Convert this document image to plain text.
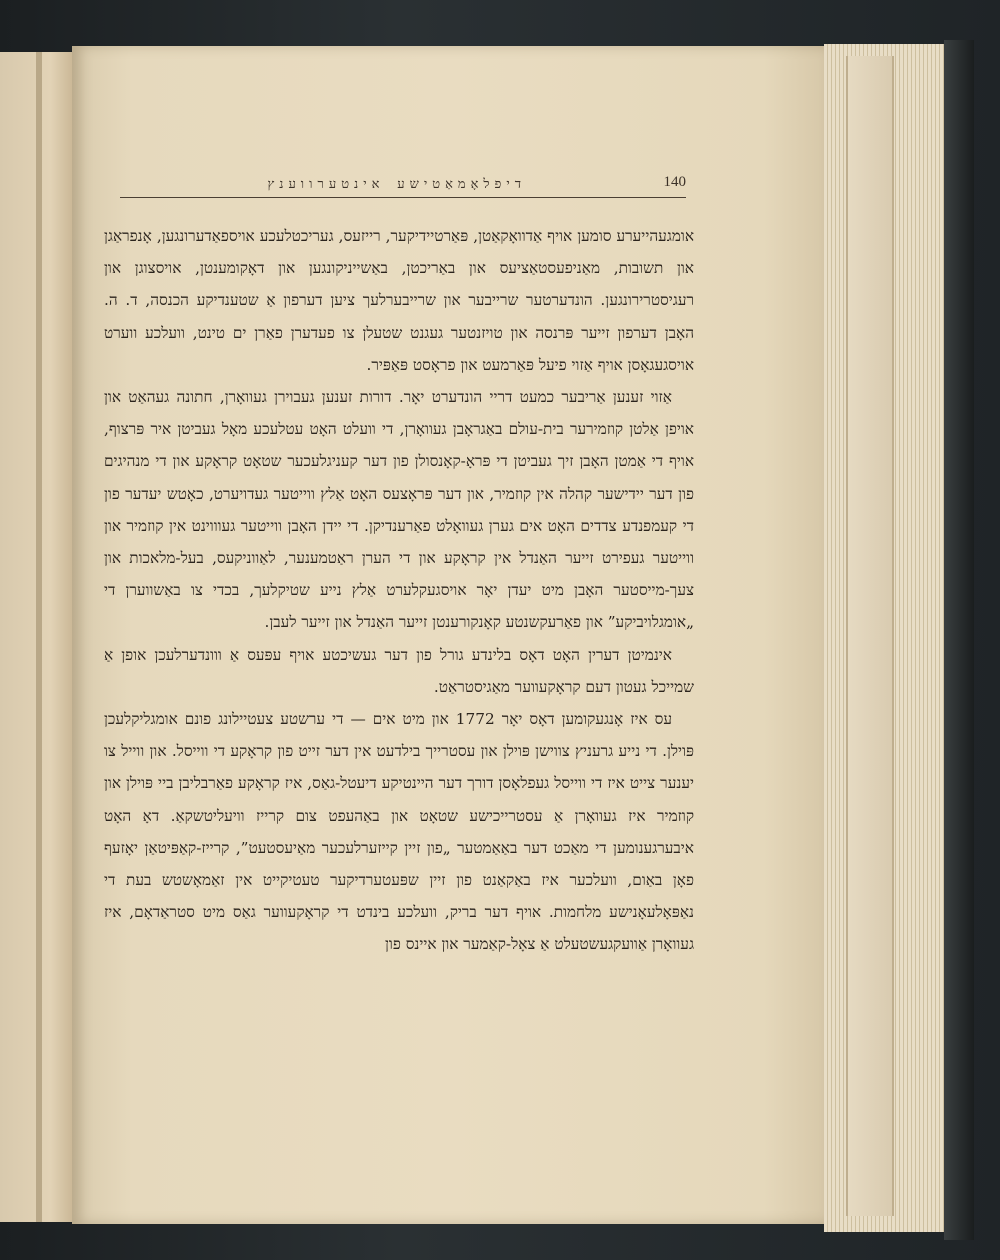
דיפלאָמאַטישע אינטערווענץ	140

אומגעהייערע סומען אויף אַדוואָקאַטן, פּאַרטיידיקער, רייזעס, געריכטלעכע אויספאַדערונגען, אָנפראַגן און תשובות, מאַניפעסטאַציעס און באַריכטן, באַשייניקונגען און דאָקומענטן, אויסצוגן און רעגיסטרירונגען. הונדערטער שרייבער און שרייבערלעך ציען דערפון אַ שטענדיקע הכנסה, ד. ה. האָבן דערפון זייער פּרנסה און טויזנטער געגנט שטעלן צו פעדערן פאַרן ים טינט, וועלכע ווערט אויסגעגאָסן אויף אַזוי פיעל פּאַרמעט און פראָסט פּאַפּיר.

אַזוי זענען אַריבער כמעט דריי הונדערט יאָר. דורות זענען געבוירן געוואָרן, חתונה געהאַט און אויפן אַלטן קוזמירער בית-עולם באַגראָבן געוואָרן, די וועלט האָט עטלעכע מאָל געביטן איר פּרצוף, אויף די אַמטן האָבן זיך געביטן די פּראָ-קאָנסולן פון דער קעניגלעכער שטאָט קראָקע און די מנהיגים פון דער יידישער קהלה אין קוזמיר, און דער פּראָצעס האָט אַלץ ווייטער געדויערט, כאָטש יעדער פון די קעמפנדע צדדים האָט אים גערן געוואָלט פאַרענדיקן. די יידן האָבן ווייטער געוווינט אין קוזמיר און ווייטער געפירט זייער האַנדל אין קראָקע און די הערן ראַטמענער, לאַווניקעס, בעל-מלאכות און צעך-מייסטער האָבן מיט יעדן יאָר אויסגעקלערט אַלץ נייע שטיקלעך, בכדי צו באַשווערן די „אומגלויביקע” און פאַרעקשנטע קאָנקורענטן זייער האַנדל און זייער לעבן.

אינמיטן דערין האָט דאָס בלינדע גורל פון דער געשיכטע אויף עפּעס אַ ווונדערלעכן אופן אַ שמייכל געטון דעם קראָקעווער מאַגיסטראַט.

עס איז אָנגעקומען דאָס יאָר 1772 און מיט אים — די ערשטע צעטיילונג פונם אומגליקלעכן פּוילן. די נייע גרעניץ צווישן פּוילן און עסטרייך בילדעט אין דער זייט פון קראָקע די ווייסל. און ווייל צו יענער צייט איז די ווייסל געפלאָסן דורך דער היינטיקע דיעטל-גאַס, איז קראָקע פאַרבליבן ביי פּוילן און קוזמיר איז געוואָרן אַ עסטרייכישע שטאָט און באַהעפט צום קרייז וויעליטשקאַ. דאָ האָט איבערגענומען די מאַכט דער באַאַמטער „פון זיין קייזערלעכער מאַיעסטעט”, קרייז-קאַפּיטאַן יאָזעף פאָן באַום, וועלכער איז באַקאַנט פון זיין שפּעטערדיקער טעטיקייט אין זאַמאָשטש בעת די נאַפּאָלעאָנישע מלחמות. אויף דער בריק, וועלכע בינדט די קראָקעווער גאַס מיט סטראַדאָם, איז געוואָרן אַוועקגעשטעלט אַ צאָל-קאַמער און איינס פון
